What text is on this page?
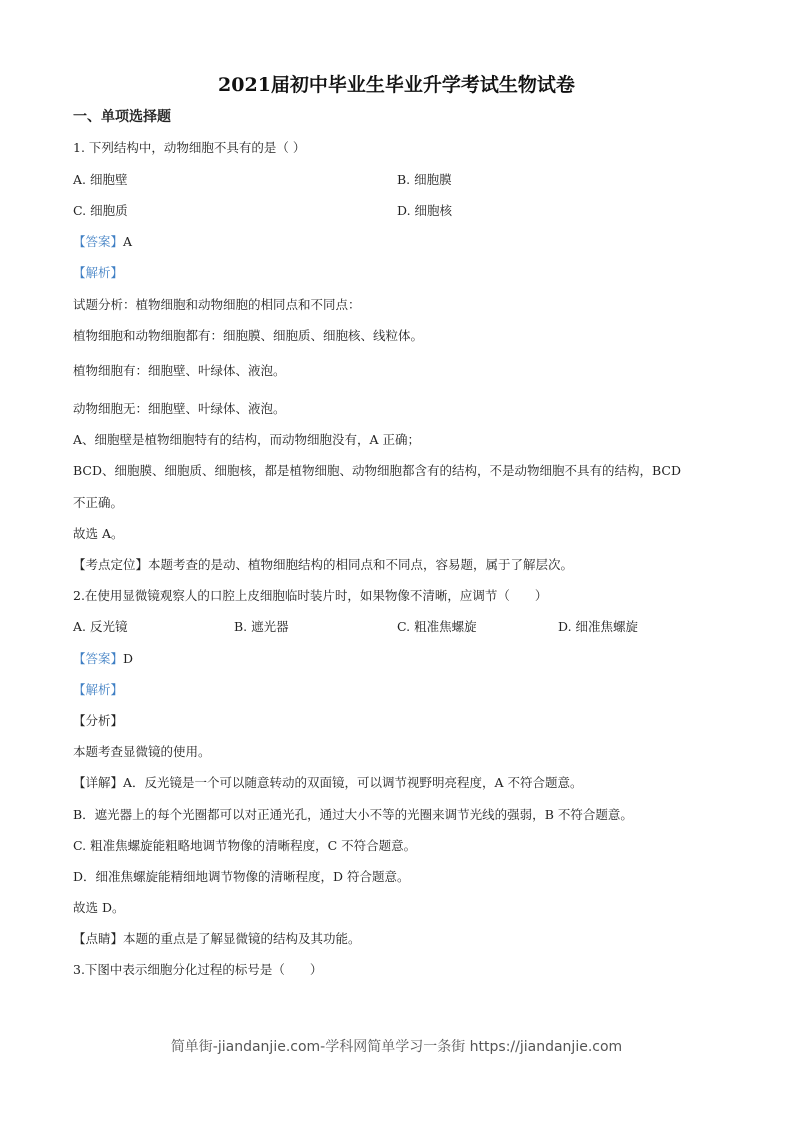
2021届初中毕业生毕业升学考试生物试卷
一、单项选择题
1. 下列结构中，动物细胞不具有的是（ ）
A. 细胞壁	B. 细胞膜
C. 细胞质	D. 细胞核
【答案】A
【解析】
试题分析：植物细胞和动物细胞的相同点和不同点：
植物细胞和动物细胞都有：细胞膜、细胞质、细胞核、线粒体。
植物细胞有：细胞壁、叶绿体、液泡。
动物细胞无：细胞壁、叶绿体、液泡。
A、细胞壁是植物细胞特有的结构，而动物细胞没有，A 正确；
BCD、细胞膜、细胞质、细胞核，都是植物细胞、动物细胞都含有的结构，不是动物细胞不具有的结构，BCD
不正确。
故选 A。
【考点定位】本题考查的是动、植物细胞结构的相同点和不同点，容易题，属于了解层次。
2.在使用显微镜观察人的口腔上皮细胞临时装片时，如果物像不清晰，应调节（　　）
A. 反光镜	B. 遮光器	C. 粗准焦螺旋	D. 细准焦螺旋
【答案】D
【解析】
【分析】
本题考查显微镜的使用。
【详解】A．反光镜是一个可以随意转动的双面镜，可以调节视野明亮程度，A 不符合题意。
B．遮光器上的每个光圈都可以对正通光孔，通过大小不等的光圈来调节光线的强弱，B 不符合题意。
C. 粗准焦螺旋能粗略地调节物像的清晰程度，C 不符合题意。
D．细准焦螺旋能精细地调节物像的清晰程度，D 符合题意。
故选 D。
【点睛】本题的重点是了解显微镜的结构及其功能。
3.下图中表示细胞分化过程的标号是（　　）
简单街-jiandanjie.com-学科网简单学习一条街 https://jiandanjie.com
